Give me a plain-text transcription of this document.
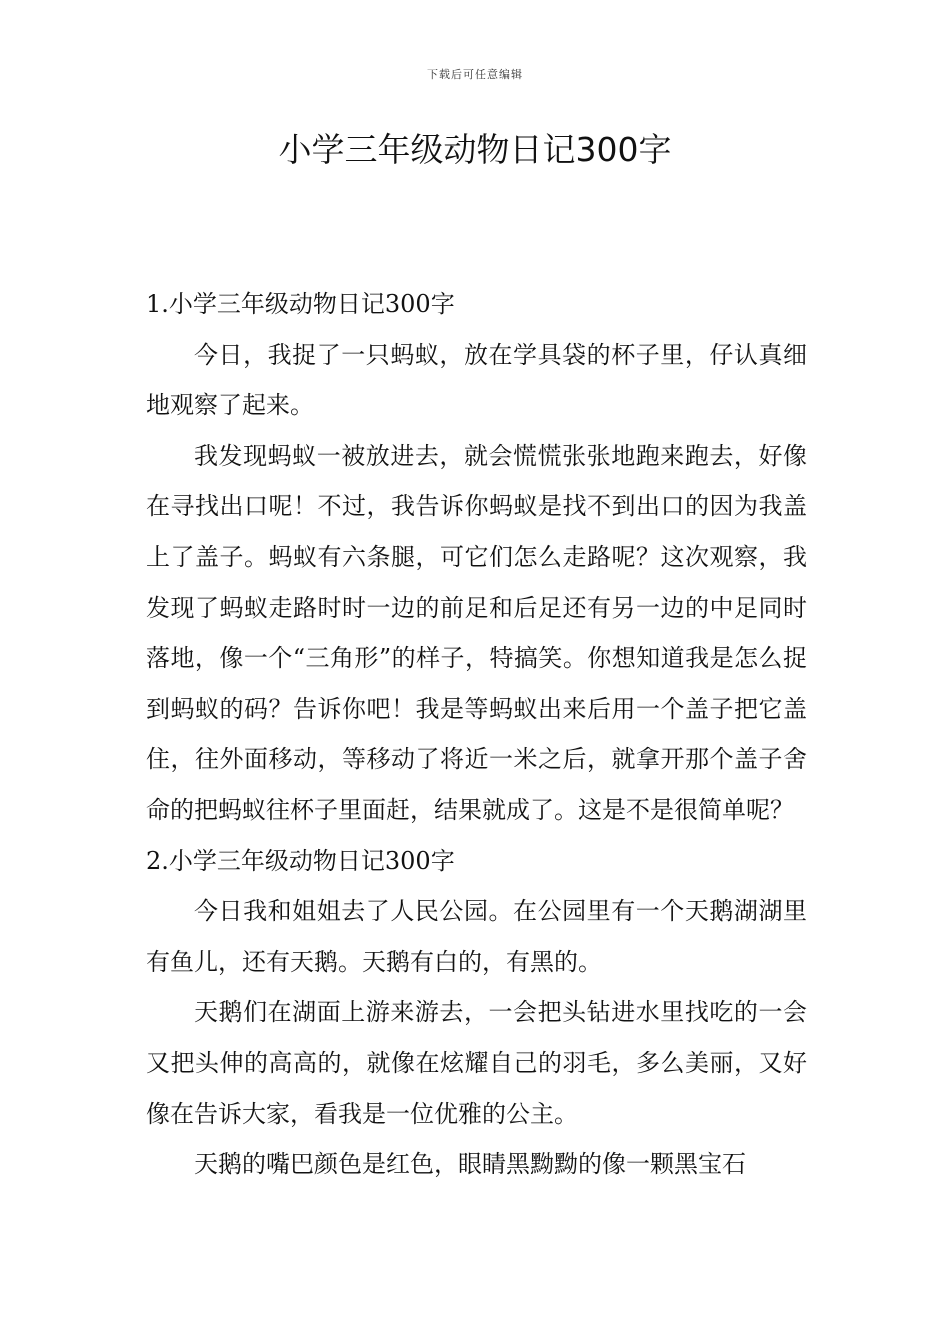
下载后可任意编辑
小学三年级动物日记300字

1.小学三年级动物日记300字

今日，我捉了一只蚂蚁，放在学具袋的杯子里，仔认真细地观察了起来。

我发现蚂蚁一被放进去，就会慌慌张张地跑来跑去，好像在寻找出口呢！不过，我告诉你蚂蚁是找不到出口的因为我盖上了盖子。蚂蚁有六条腿，可它们怎么走路呢？这次观察，我发现了蚂蚁走路时时一边的前足和后足还有另一边的中足同时落地，像一个“三角形”的样子，特搞笑。你想知道我是怎么捉到蚂蚁的码？告诉你吧！我是等蚂蚁出来后用一个盖子把它盖住，往外面移动，等移动了将近一米之后，就拿开那个盖子舍命的把蚂蚁往杯子里面赶，结果就成了。这是不是很简单呢？

2.小学三年级动物日记300字

今日我和姐姐去了人民公园。在公园里有一个天鹅湖湖里有鱼儿，还有天鹅。天鹅有白的，有黑的。

天鹅们在湖面上游来游去，一会把头钻进水里找吃的一会又把头伸的高高的，就像在炫耀自己的羽毛，多么美丽，又好像在告诉大家，看我是一位优雅的公主。

天鹅的嘴巴颜色是红色，眼睛黑黝黝的像一颗黑宝石
